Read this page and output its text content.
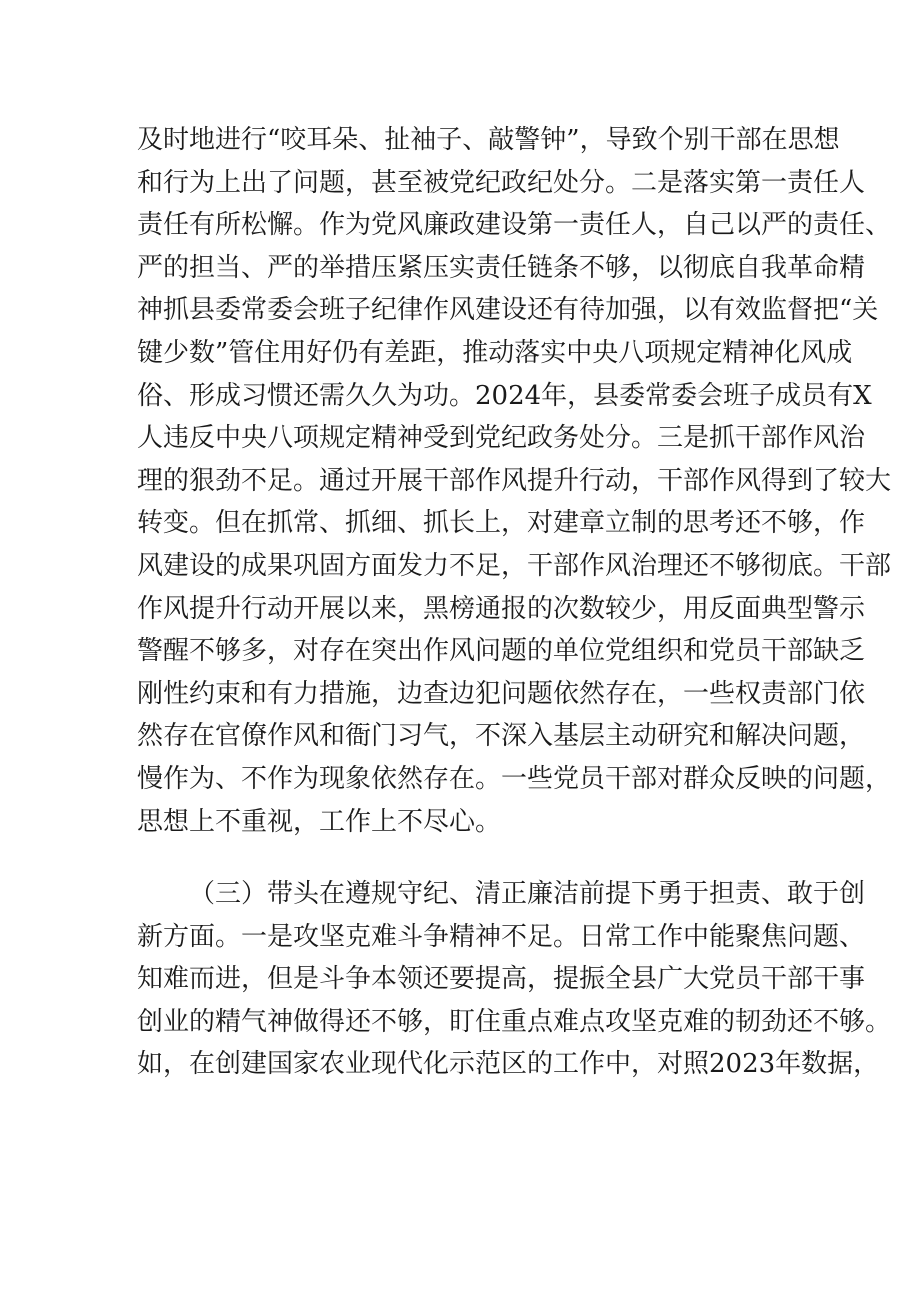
及时地进行“咬耳朵、扯袖子、敲警钟”，导致个别干部在思想
和行为上出了问题，甚至被党纪政纪处分。二是落实第一责任人
责任有所松懈。作为党风廉政建设第一责任人，自己以严的责任、
严的担当、严的举措压紧压实责任链条不够，以彻底自我革命精
神抓县委常委会班子纪律作风建设还有待加强，以有效监督把“关
键少数”管住用好仍有差距，推动落实中央八项规定精神化风成
俗、形成习惯还需久久为功。2024年，县委常委会班子成员有X
人违反中央八项规定精神受到党纪政务处分。三是抓干部作风治
理的狠劲不足。通过开展干部作风提升行动，干部作风得到了较大
转变。但在抓常、抓细、抓长上，对建章立制的思考还不够，作
风建设的成果巩固方面发力不足，干部作风治理还不够彻底。干部
作风提升行动开展以来，黑榜通报的次数较少，用反面典型警示
警醒不够多，对存在突出作风问题的单位党组织和党员干部缺乏
刚性约束和有力措施，边查边犯问题依然存在，一些权责部门依
然存在官僚作风和衙门习气，不深入基层主动研究和解决问题，
慢作为、不作为现象依然存在。一些党员干部对群众反映的问题，
思想上不重视，工作上不尽心。
（三）带头在遵规守纪、清正廉洁前提下勇于担责、敢于创
新方面。一是攻坚克难斗争精神不足。日常工作中能聚焦问题、
知难而进，但是斗争本领还要提高，提振全县广大党员干部干事
创业的精气神做得还不够，盯住重点难点攻坚克难的韧劲还不够。
如，在创建国家农业现代化示范区的工作中，对照2023年数据，
